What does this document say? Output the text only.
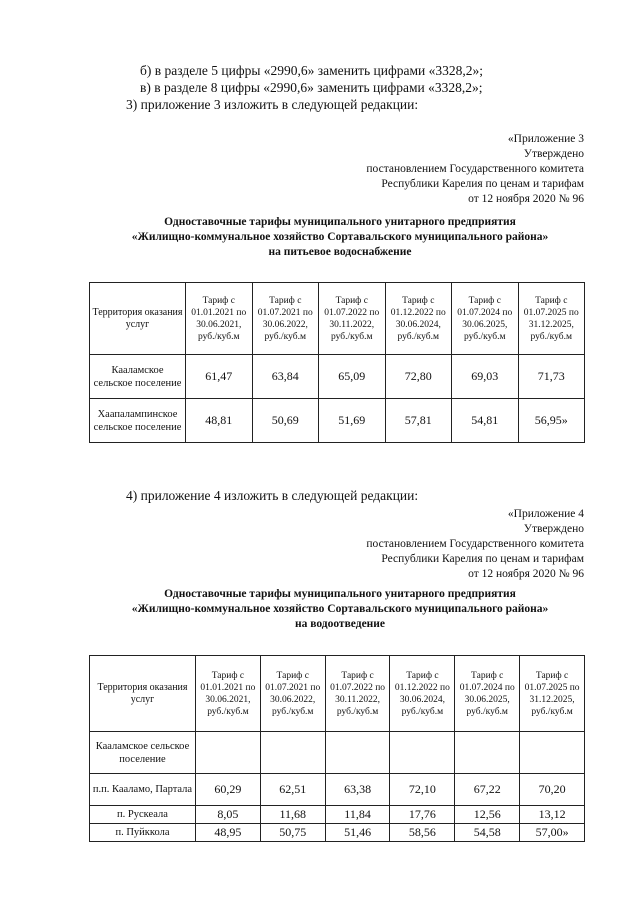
б) в разделе 5 цифры «2990,6» заменить цифрами «3328,2»;
в) в разделе 8 цифры «2990,6» заменить цифрами «3328,2»;
3) приложение 3 изложить в следующей редакции:
«Приложение 3
Утверждено
постановлением Государственного комитета
Республики Карелия по ценам и тарифам
от 12 ноября 2020 № 96
Одноставочные тарифы муниципального унитарного предприятия
«Жилищно-коммунальное хозяйство Сортавальского муниципального района»
на питьевое водоснабжение
Территория оказания услуг	Тариф с 01.01.2021 по 30.06.2021, руб./куб.м	Тариф с 01.07.2021 по 30.06.2022, руб./куб.м	Тариф с 01.07.2022 по 30.11.2022, руб./куб.м	Тариф с 01.12.2022 по 30.06.2024, руб./куб.м	Тариф с 01.07.2024 по 30.06.2025, руб./куб.м	Тариф с 01.07.2025 по 31.12.2025, руб./куб.м
Кааламское сельское поселение	61,47	63,84	65,09	72,80	69,03	71,73
Хаапалампинское сельское поселение	48,81	50,69	51,69	57,81	54,81	56,95»
4) приложение 4 изложить в следующей редакции:
«Приложение 4
Утверждено
постановлением Государственного комитета
Республики Карелия по ценам и тарифам
от 12 ноября 2020 № 96
Одноставочные тарифы муниципального унитарного предприятия
«Жилищно-коммунальное хозяйство Сортавальского муниципального района»
на водоотведение
Территория оказания услуг	Тариф с 01.01.2021 по 30.06.2021, руб./куб.м	Тариф с 01.07.2021 по 30.06.2022, руб./куб.м	Тариф с 01.07.2022 по 30.11.2022, руб./куб.м	Тариф с 01.12.2022 по 30.06.2024, руб./куб.м	Тариф с 01.07.2024 по 30.06.2025, руб./куб.м	Тариф с 01.07.2025 по 31.12.2025, руб./куб.м
Кааламское сельское поселение						
п.п. Кааламо, Партала	60,29	62,51	63,38	72,10	67,22	70,20
п. Рускеала	8,05	11,68	11,84	17,76	12,56	13,12
п. Пуйккола	48,95	50,75	51,46	58,56	54,58	57,00»
